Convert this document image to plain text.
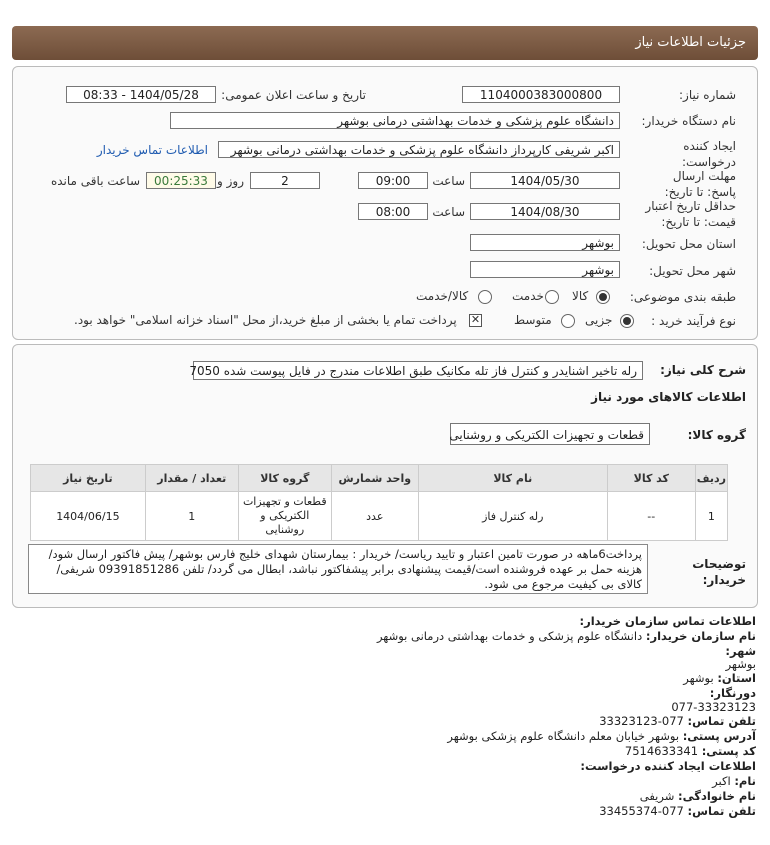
جزئیات اطلاعات نیاز
شماره نیاز:
1104000383000800
تاریخ و ساعت اعلان عمومی:
1404/05/28 - 08:33
نام دستگاه خریدار:
دانشگاه علوم پزشکی و خدمات بهداشتی درمانی بوشهر
ایجاد کننده درخواست:
اکبر شریفی کارپرداز دانشگاه علوم پزشکی و خدمات بهداشتی درمانی بوشهر
اطلاعات تماس خریدار
مهلت ارسال پاسخ: تا تاریخ:
1404/05/30
ساعت
09:00
2
روز و
00:25:33
ساعت باقی مانده
حداقل تاریخ اعتبار قیمت: تا تاریخ:
1404/08/30
ساعت
08:00
استان محل تحویل:
بوشهر
شهر محل تحویل:
بوشهر
طبقه بندی موضوعی:
کالا
خدمت
کالا/خدمت
نوع فرآیند خرید :
جزیی
متوسط
✕
پرداخت تمام یا بخشی از مبلغ خرید،از محل "اسناد خزانه اسلامی" خواهد بود.
شرح کلی نیاز:
رله تاخیر اشنایدر و کنترل فاز تله مکانیک طبق اطلاعات مندرج در فایل پیوست شده 7050
اطلاعات کالاهای مورد نیاز
گروه کالا:
قطعات و تجهیزات الکتریکی و روشنایی
ردیف	کد کالا	نام کالا	واحد شمارش	گروه کالا	تعداد / مقدار	تاریخ نیاز
1	--	رله کنترل فاز	عدد	قطعات و تجهیزات الکتریکی و روشنایی	1	1404/06/15
توضیحات خریدار:
پرداخت6ماهه در صورت تامین اعتبار و تایید ریاست/ خریدار : بیمارستان شهدای خلیج فارس بوشهر/ پیش فاکتور ارسال شود/ هزینه حمل بر عهده فروشنده است/قیمت پیشنهادی برابر پیشفاکتور نباشد، ابطال می گردد/ تلفن 09391851286 شریفی/ کالای بی کیفیت مرجوع می شود.
اطلاعات تماس سازمان خریدار:
نام سازمان خریدار: دانشگاه علوم پزشکی و خدمات بهداشتی درمانی بوشهر
شهر:
بوشهر
استان: بوشهر
دورنگار:
077-33323123
تلفن تماس: 077-33323123
آدرس پستی: بوشهر خیابان معلم دانشگاه علوم پزشکی بوشهر
کد پستی: 7514633341
اطلاعات ایجاد کننده درخواست:
نام: اکبر
نام خانوادگی: شریفی
تلفن تماس: 077-33455374
